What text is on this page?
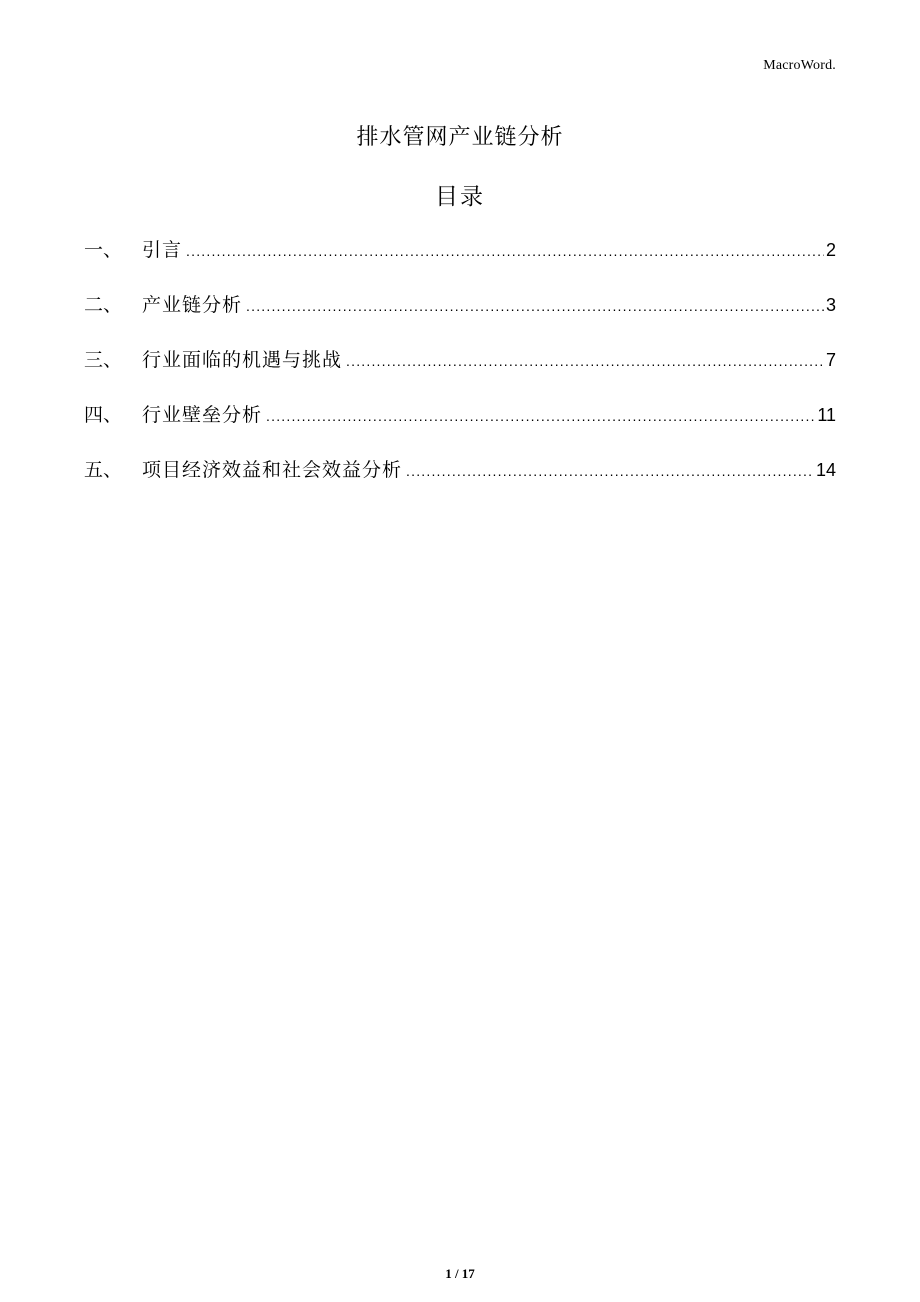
MacroWord.
排水管网产业链分析
目录
一、	引言 .....	2
二、	产业链分析 .....	3
三、	行业面临的机遇与挑战 .....	7
四、	行业壁垒分析 .....	11
五、	项目经济效益和社会效益分析 .....	14
1 / 17
